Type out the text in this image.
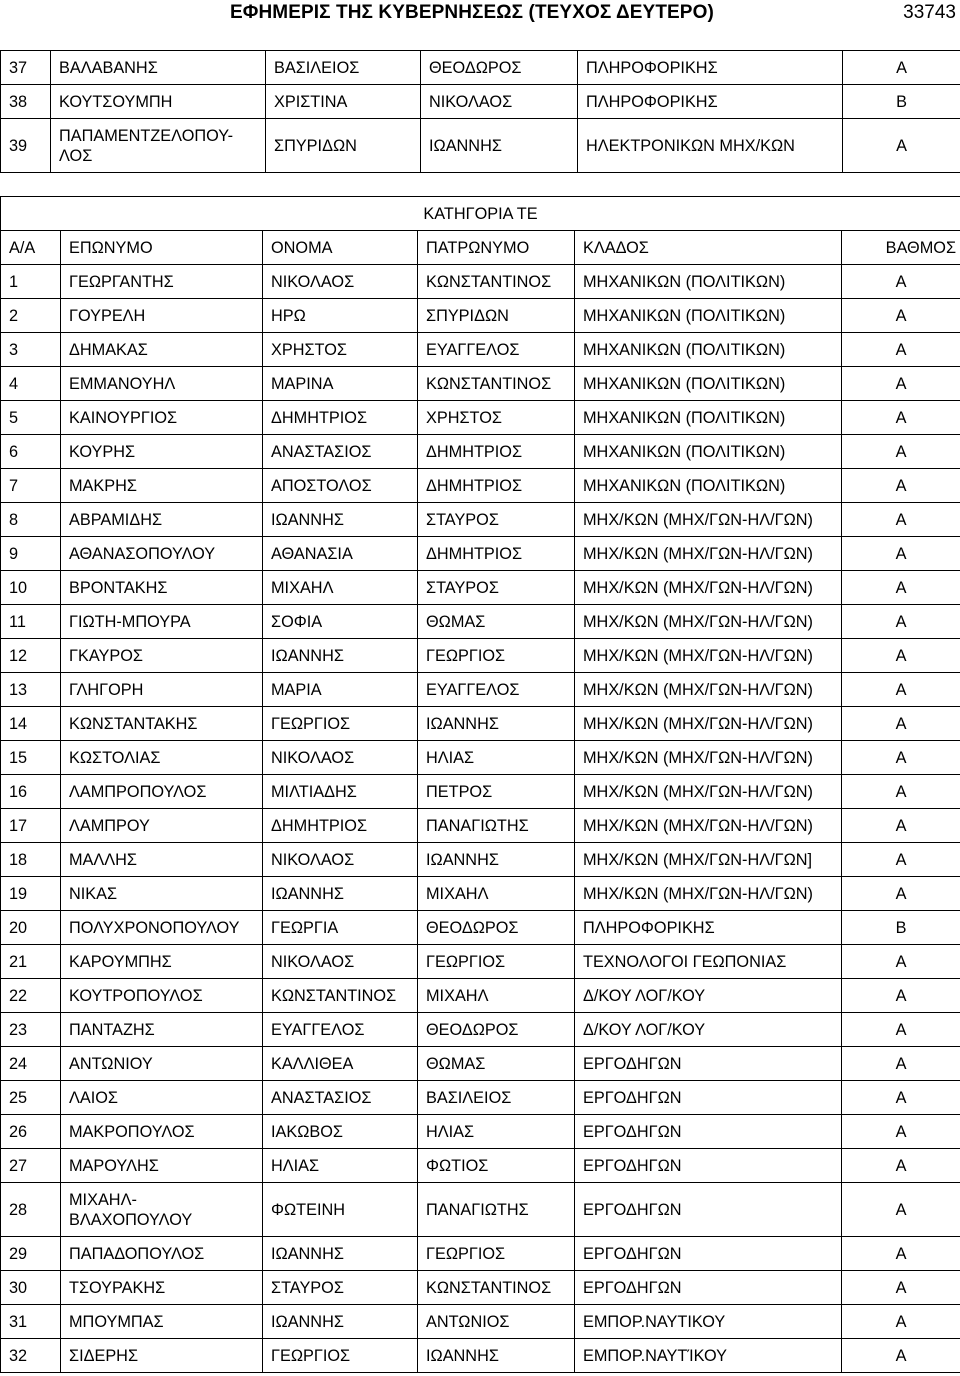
ΕΦΗΜΕΡΙΣ ΤΗΣ ΚΥΒΕΡΝΗΣΕΩΣ (ΤΕΥΧΟΣ ΔΕΥΤΕΡΟ)	33743
37	ΒΑΛΑΒΑΝΗΣ	ΒΑΣΙΛΕΙΟΣ	ΘΕΟΔΩΡΟΣ	ΠΛΗΡΟΦΟΡΙΚΗΣ	Α
38	ΚΟΥΤΣΟΥΜΠΗ	ΧΡΙΣΤΙΝΑ	ΝΙΚΟΛΑΟΣ	ΠΛΗΡΟΦΟΡΙΚΗΣ	Β
39	ΠΑΠΑΜΕΝΤΖΕΛΟΠΟΥ-
ΛΟΣ	ΣΠΥΡΙΔΩΝ	ΙΩΑΝΝΗΣ	ΗΛΕΚΤΡΟΝΙΚΩΝ ΜΗΧ/ΚΩΝ	Α
ΚΑΤΗΓΟΡΙΑ ΤΕ					
Α/Α	ΕΠΩΝΥΜΟ	ΟΝΟΜΑ	ΠΑΤΡΩΝΥΜΟ	ΚΛΑΔΟΣ	ΒΑΘΜΟΣ
1	ΓΕΩΡΓΑΝΤΗΣ	ΝΙΚΟΛΑΟΣ	ΚΩΝΣΤΑΝΤΙΝΟΣ	ΜΗΧΑΝΙΚΩΝ (ΠΟΛΙΤΙΚΩΝ)	Α
2	ΓΟΥΡΕΛΗ	ΗΡΩ	ΣΠΥΡΙΔΩΝ	ΜΗΧΑΝΙΚΩΝ (ΠΟΛΙΤΙΚΩΝ)	Α
3	ΔΗΜΑΚΑΣ	ΧΡΗΣΤΟΣ	ΕΥΑΓΓΕΛΟΣ	ΜΗΧΑΝΙΚΩΝ (ΠΟΛΙΤΙΚΩΝ)	Α
4	ΕΜΜΑΝΟΥΗΛ	ΜΑΡΙΝΑ	ΚΩΝΣΤΑΝΤΙΝΟΣ	ΜΗΧΑΝΙΚΩΝ (ΠΟΛΙΤΙΚΩΝ)	Α
5	ΚΑΙΝΟΥΡΓΙΟΣ	ΔΗΜΗΤΡΙΟΣ	ΧΡΗΣΤΟΣ	ΜΗΧΑΝΙΚΩΝ (ΠΟΛΙΤΙΚΩΝ)	Α
6	ΚΟΥΡΗΣ	ΑΝΑΣΤΑΣΙΟΣ	ΔΗΜΗΤΡΙΟΣ	ΜΗΧΑΝΙΚΩΝ (ΠΟΛΙΤΙΚΩΝ)	Α
7	ΜΑΚΡΗΣ	ΑΠΟΣΤΟΛΟΣ	ΔΗΜΗΤΡΙΟΣ	ΜΗΧΑΝΙΚΩΝ (ΠΟΛΙΤΙΚΩΝ)	Α
8	ΑΒΡΑΜΙΔΗΣ	ΙΩΑΝΝΗΣ	ΣΤΑΥΡΟΣ	ΜΗΧ/ΚΩΝ (ΜΗΧ/ΓΩΝ-ΗΛ/ΓΩΝ)	Α
9	ΑΘΑΝΑΣΟΠΟΥΛΟΥ	ΑΘΑΝΑΣΙΑ	ΔΗΜΗΤΡΙΟΣ	ΜΗΧ/ΚΩΝ (ΜΗΧ/ΓΩΝ-ΗΛ/ΓΩΝ)	Α
10	ΒΡΟΝΤΑΚΗΣ	ΜΙΧΑΗΛ	ΣΤΑΥΡΟΣ	ΜΗΧ/ΚΩΝ (ΜΗΧ/ΓΩΝ-ΗΛ/ΓΩΝ)	Α
11	ΓΙΩΤΗ-ΜΠΟΥΡΑ	ΣΟΦΙΑ	ΘΩΜΑΣ	ΜΗΧ/ΚΩΝ (ΜΗΧ/ΓΩΝ-ΗΛ/ΓΩΝ)	Α
12	ΓΚΑΥΡΟΣ	ΙΩΑΝΝΗΣ	ΓΕΩΡΓΙΟΣ	ΜΗΧ/ΚΩΝ (ΜΗΧ/ΓΩΝ-ΗΛ/ΓΩΝ)	Α
13	ΓΛΗΓΟΡΗ	ΜΑΡΙΑ	ΕΥΑΓΓΕΛΟΣ	ΜΗΧ/ΚΩΝ (ΜΗΧ/ΓΩΝ-ΗΛ/ΓΩΝ)	Α
14	ΚΩΝΣΤΑΝΤΑΚΗΣ	ΓΕΩΡΓΙΟΣ	ΙΩΑΝΝΗΣ	ΜΗΧ/ΚΩΝ (ΜΗΧ/ΓΩΝ-ΗΛ/ΓΩΝ)	Α
15	ΚΩΣΤΟΛΙΑΣ	ΝΙΚΟΛΑΟΣ	ΗΛΙΑΣ	ΜΗΧ/ΚΩΝ (ΜΗΧ/ΓΩΝ-ΗΛ/ΓΩΝ)	Α
16	ΛΑΜΠΡΟΠΟΥΛΟΣ	ΜΙΛΤΙΑΔΗΣ	ΠΕΤΡΟΣ	ΜΗΧ/ΚΩΝ (ΜΗΧ/ΓΩΝ-ΗΛ/ΓΩΝ)	Α
17	ΛΑΜΠΡΟΥ	ΔΗΜΗΤΡΙΟΣ	ΠΑΝΑΓΙΩΤΗΣ	ΜΗΧ/ΚΩΝ (ΜΗΧ/ΓΩΝ-ΗΛ/ΓΩΝ)	Α
18	ΜΑΛΛΗΣ	ΝΙΚΟΛΑΟΣ	ΙΩΑΝΝΗΣ	ΜΗΧ/ΚΩΝ (ΜΗΧ/ΓΩΝ-ΗΛ/ΓΩΝ]	Α
19	ΝΙΚΑΣ	ΙΩΑΝΝΗΣ	ΜΙΧΑΗΛ	ΜΗΧ/ΚΩΝ (ΜΗΧ/ΓΩΝ-ΗΛ/ΓΩΝ)	Α
20	ΠΟΛΥΧΡΟΝΟΠΟΥΛΟΥ	ΓΕΩΡΓΙΑ	ΘΕΟΔΩΡΟΣ	ΠΛΗΡΟΦΟΡΙΚΗΣ	Β
21	ΚΑΡΟΥΜΠΗΣ	ΝΙΚΟΛΑΟΣ	ΓΕΩΡΓΙΟΣ	ΤΕΧΝΟΛΟΓΟΙ ΓΕΩΠΟΝΙΑΣ	Α
22	ΚΟΥΤΡΟΠΟΥΛΟΣ	ΚΩΝΣΤΑΝΤΙΝΟΣ	ΜΙΧΑΗΛ	Δ/ΚΟΥ ΛΟΓ/ΚΟΥ	Α
23	ΠΑΝΤΑΖΗΣ	ΕΥΑΓΓΕΛΟΣ	ΘΕΟΔΩΡΟΣ	Δ/ΚΟΥ ΛΟΓ/ΚΟΥ	Α
24	ΑΝΤΩΝΙΟΥ	ΚΑΛΛΙΘΕΑ	ΘΩΜΑΣ	ΕΡΓΟΔΗΓΩΝ	Α
25	ΛΑΙΟΣ	ΑΝΑΣΤΑΣΙΟΣ	ΒΑΣΙΛΕΙΟΣ	ΕΡΓΟΔΗΓΩΝ	Α
26	ΜΑΚΡΟΠΟΥΛΟΣ	ΙΑΚΩΒΟΣ	ΗΛΙΑΣ	ΕΡΓΟΔΗΓΩΝ	Α
27	ΜΑΡΟΥΛΗΣ	ΗΛΙΑΣ	ΦΩΤΙΟΣ	ΕΡΓΟΔΗΓΩΝ	Α
28	ΜΙΧΑΗΛ-
ΒΛΑΧΟΠΟΥΛΟΥ	ΦΩΤΕΙΝΗ	ΠΑΝΑΓΙΩΤΗΣ	ΕΡΓΟΔΗΓΩΝ	Α
29	ΠΑΠΑΔΟΠΟΥΛΟΣ	ΙΩΑΝΝΗΣ	ΓΕΩΡΓΙΟΣ	ΕΡΓΟΔΗΓΩΝ	Α
30	ΤΣΟΥΡΑΚΗΣ	ΣΤΑΥΡΟΣ	ΚΩΝΣΤΑΝΤΙΝΟΣ	ΕΡΓΟΔΗΓΩΝ	Α
31	ΜΠΟΥΜΠΑΣ	ΙΩΑΝΝΗΣ	ΑΝΤΩΝΙΟΣ	ΕΜΠΟΡ.ΝΑΥΤΙΚΟΥ	Α
32	ΣΙΔΕΡΗΣ	ΓΕΩΡΓΙΟΣ	ΙΩΑΝΝΗΣ	ΕΜΠΟΡ.ΝΑΥΤΊΚΟΥ	Α
